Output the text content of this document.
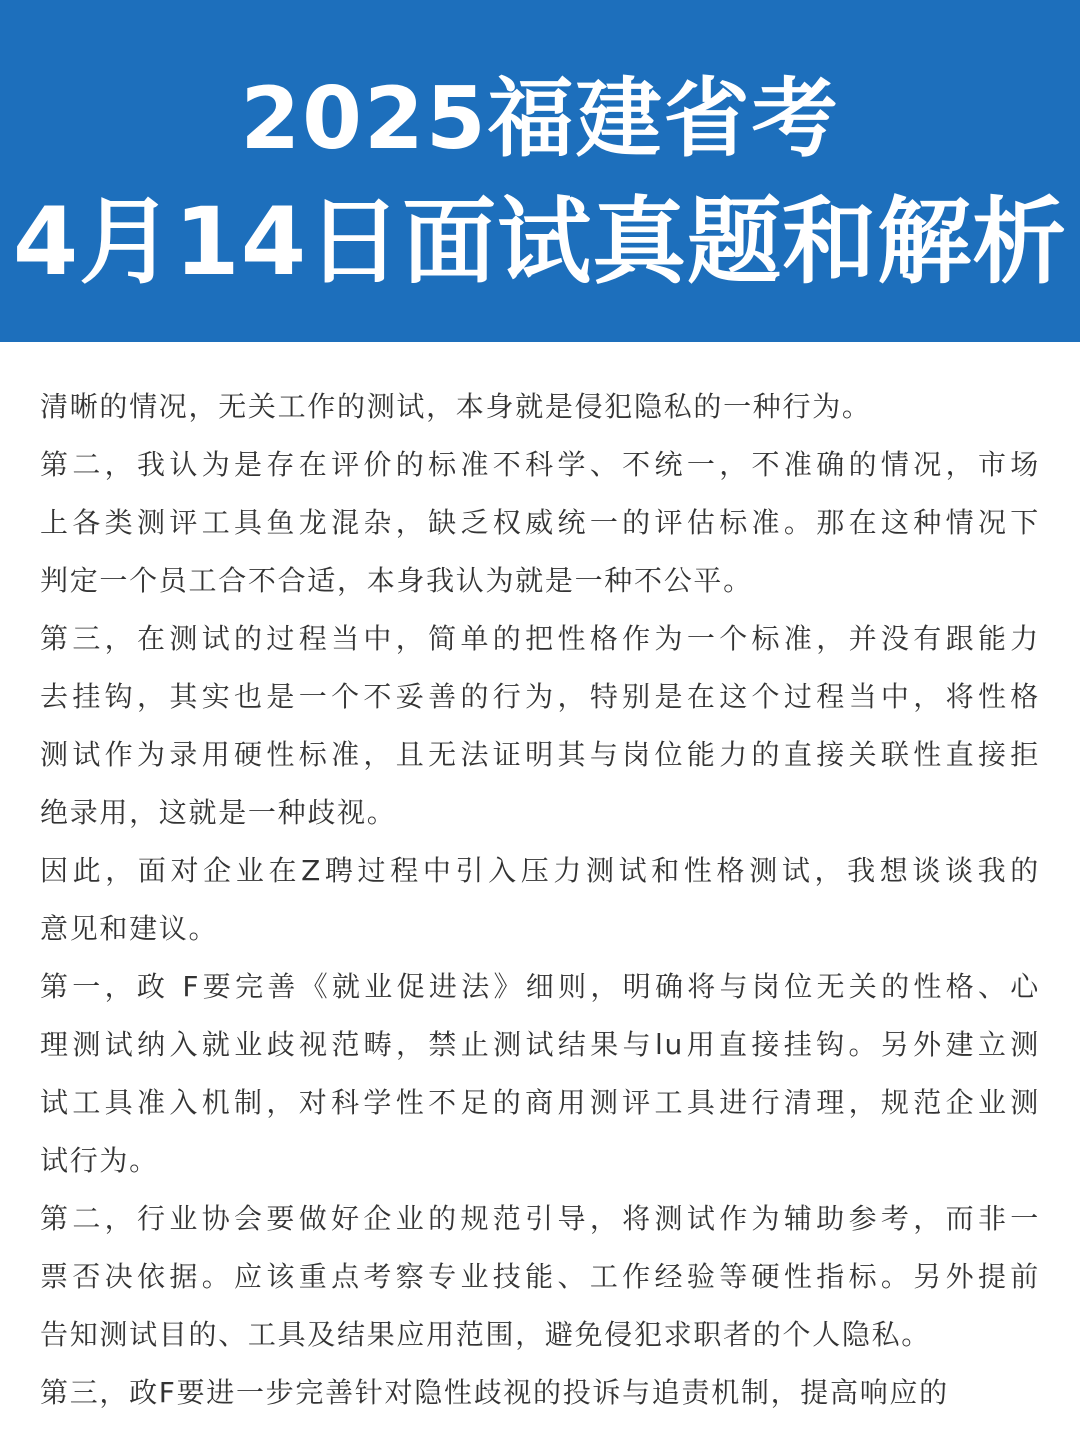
2025福建省考
4月14日面试真题和解析
清晰的情况，无关工作的测试，本身就是侵犯隐私的一种行为。
第二，我认为是存在评价的标准不科学、不统一，不准确的情况，市场
上各类测评工具鱼龙混杂，缺乏权威统一的评估标准。那在这种情况下
判定一个员工合不合适，本身我认为就是一种不公平。
第三，在测试的过程当中，简单的把性格作为一个标准，并没有跟能力
去挂钩，其实也是一个不妥善的行为，特别是在这个过程当中，将性格
测试作为录用硬性标准，且无法证明其与岗位能力的直接关联性直接拒
绝录用，这就是一种歧视。
因此，面对企业在Z聘过程中引入压力测试和性格测试，我想谈谈我的
意见和建议。
第一，政 F要完善《就业促进法》细则，明确将与岗位无关的性格、心
理测试纳入就业歧视范畴，禁止测试结果与lu用直接挂钩。另外建立测
试工具准入机制，对科学性不足的商用测评工具进行清理，规范企业测
试行为。
第二，行业协会要做好企业的规范引导，将测试作为辅助参考，而非一
票否决依据。应该重点考察专业技能、工作经验等硬性指标。另外提前
告知测试目的、工具及结果应用范围，避免侵犯求职者的个人隐私。
第三，政F要进一步完善针对隐性歧视的投诉与追责机制，提高响应的
